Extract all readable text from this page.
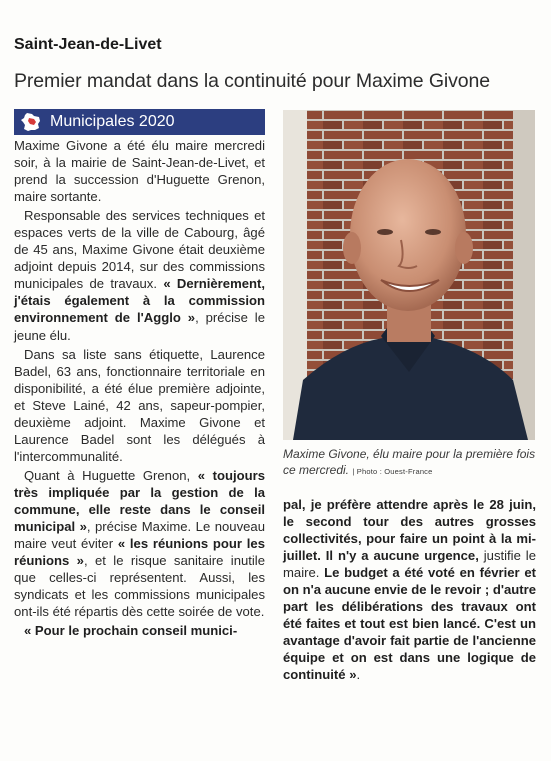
Saint-Jean-de-Livet
Premier mandat dans la continuité pour Maxime Givone
Municipales 2020

Maxime Givone a été élu maire mercredi soir, à la mairie de Saint-Jean-de-Livet, et prend la succession d'Huguette Grenon, maire sortante.

Responsable des services techniques et espaces verts de la ville de Cabourg, âgé de 45 ans, Maxime Givone était deuxième adjoint depuis 2014, sur des commissions municipales de travaux. « Dernièrement, j'étais également à la commission environnement de l'Agglo », précise le jeune élu.

Dans sa liste sans étiquette, Laurence Badel, 63 ans, fonctionnaire territoriale en disponibilité, a été élue première adjointe, et Steve Lainé, 42 ans, sapeur-pompier, deuxième adjoint. Maxime Givone et Laurence Badel sont les délégués à l'intercommunalité.

Quant à Huguette Grenon, « toujours très impliquée par la gestion de la commune, elle reste dans le conseil municipal », précise Maxime. Le nouveau maire veut éviter « les réunions pour les réunions », et le risque sanitaire inutile que celles-ci représentent. Aussi, les syndicats et les commissions municipales ont-ils été répartis dès cette soirée de vote.

« Pour le prochain conseil munici-

Maxime Givone, élu maire pour la première fois ce mercredi. | Photo : Ouest-France

pal, je préfère attendre après le 28 juin, le second tour des autres grosses collectivités, pour faire un point à la mi-juillet. Il n'y a aucune urgence, justifie le maire. Le budget a été voté en février et on n'a aucune envie de le revoir ; d'autre part les délibérations des travaux ont été faites et tout est bien lancé. C'est un avantage d'avoir fait partie de l'ancienne équipe et on est dans une logique de continuité ».
